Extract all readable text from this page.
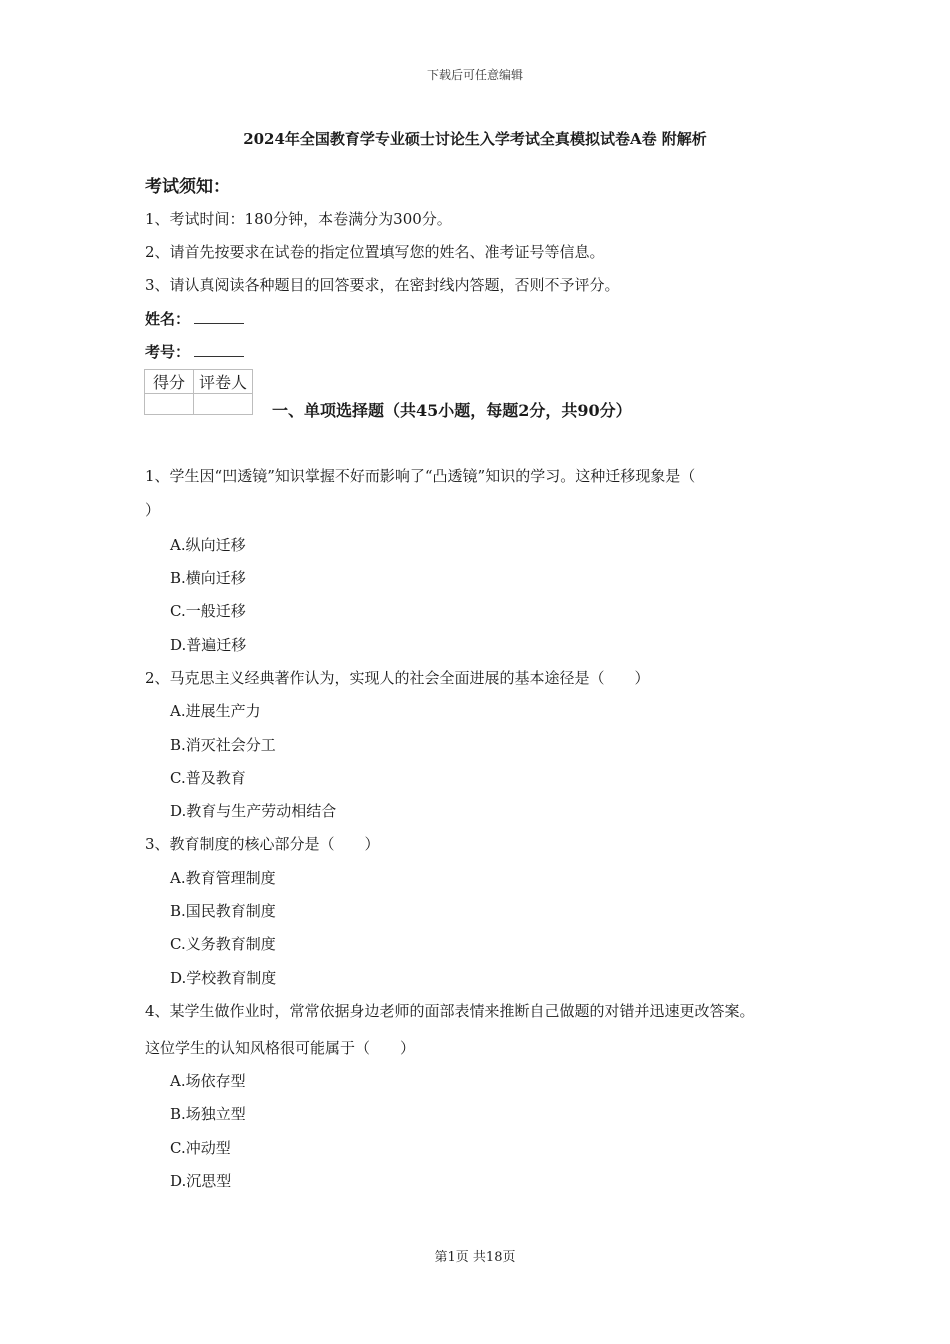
下载后可任意编辑
2024年全国教育学专业硕士讨论生入学考试全真模拟试卷A卷 附解析
考试须知：
1、考试时间：180分钟，本卷满分为300分。
2、请首先按要求在试卷的指定位置填写您的姓名、准考证号等信息。
3、请认真阅读各种题目的回答要求，在密封线内答题，否则不予评分。
姓名：
考号：
得分	评卷人

一、单项选择题（共45小题，每题2分，共90分）
1、学生因“凹透镜”知识掌握不好而影响了“凸透镜”知识的学习。这种迁移现象是（
）
A.纵向迁移
B.横向迁移
C.一般迁移
D.普遍迁移
2、马克思主义经典著作认为，实现人的社会全面进展的基本途径是（　　）
A.进展生产力
B.消灭社会分工
C.普及教育
D.教育与生产劳动相结合
3、教育制度的核心部分是（　　）
A.教育管理制度
B.国民教育制度
C.义务教育制度
D.学校教育制度
4、某学生做作业时，常常依据身边老师的面部表情来推断自己做题的对错并迅速更改答案。
这位学生的认知风格很可能属于（　　）
A.场依存型
B.场独立型
C.冲动型
D.沉思型
第1页 共18页
